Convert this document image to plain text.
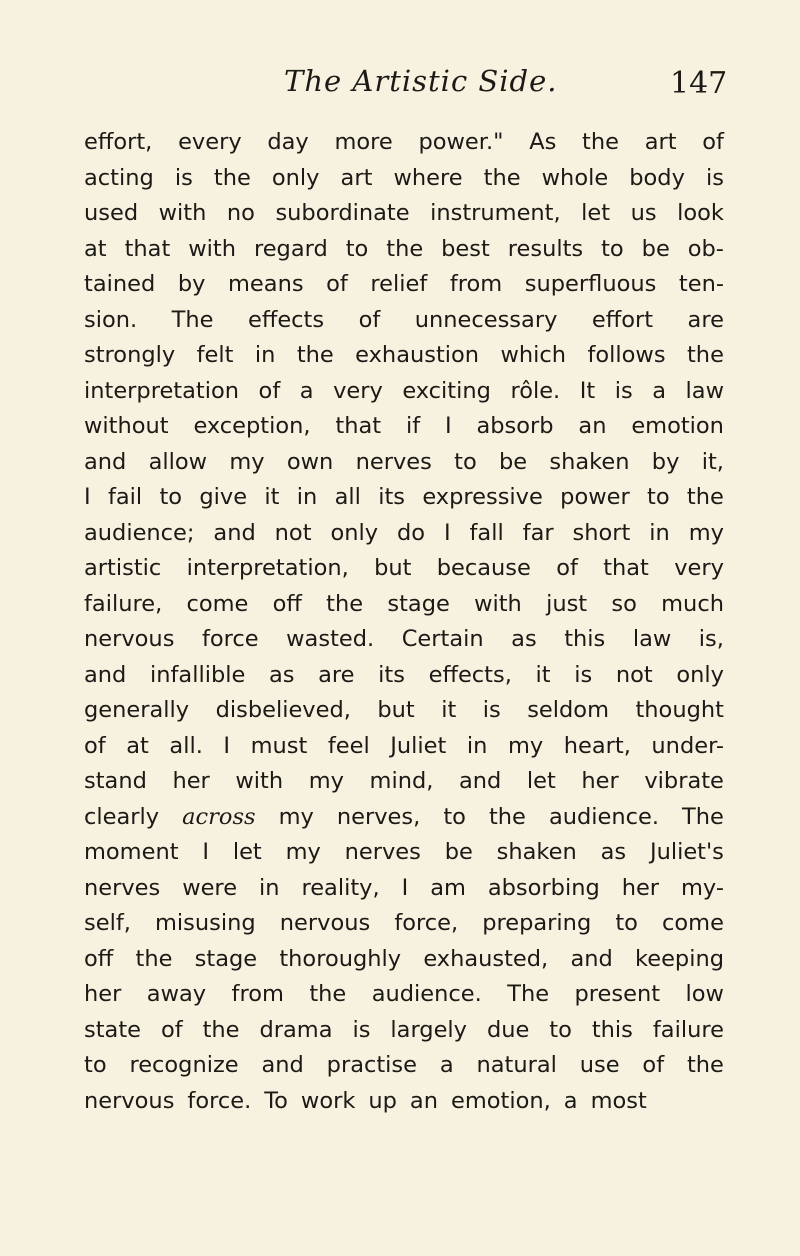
The Artistic Side.	147
effort, every day more power." As the art of
acting is the only art where the whole body is
used with no subordinate instrument, let us look
at that with regard to the best results to be ob-
tained by means of relief from superfluous ten-
sion. The effects of unnecessary effort are
strongly felt in the exhaustion which follows the
interpretation of a very exciting rôle. It is a law
without exception, that if I absorb an emotion
and allow my own nerves to be shaken by it,
I fail to give it in all its expressive power to the
audience; and not only do I fall far short in my
artistic interpretation, but because of that very
failure, come off the stage with just so much
nervous force wasted. Certain as this law is,
and infallible as are its effects, it is not only
generally disbelieved, but it is seldom thought
of at all. I must feel Juliet in my heart, under-
stand her with my mind, and let her vibrate
clearly across my nerves, to the audience. The
moment I let my nerves be shaken as Juliet's
nerves were in reality, I am absorbing her my-
self, misusing nervous force, preparing to come
off the stage thoroughly exhausted, and keeping
her away from the audience. The present low
state of the drama is largely due to this failure
to recognize and practise a natural use of the
nervous force. To work up an emotion, a most
